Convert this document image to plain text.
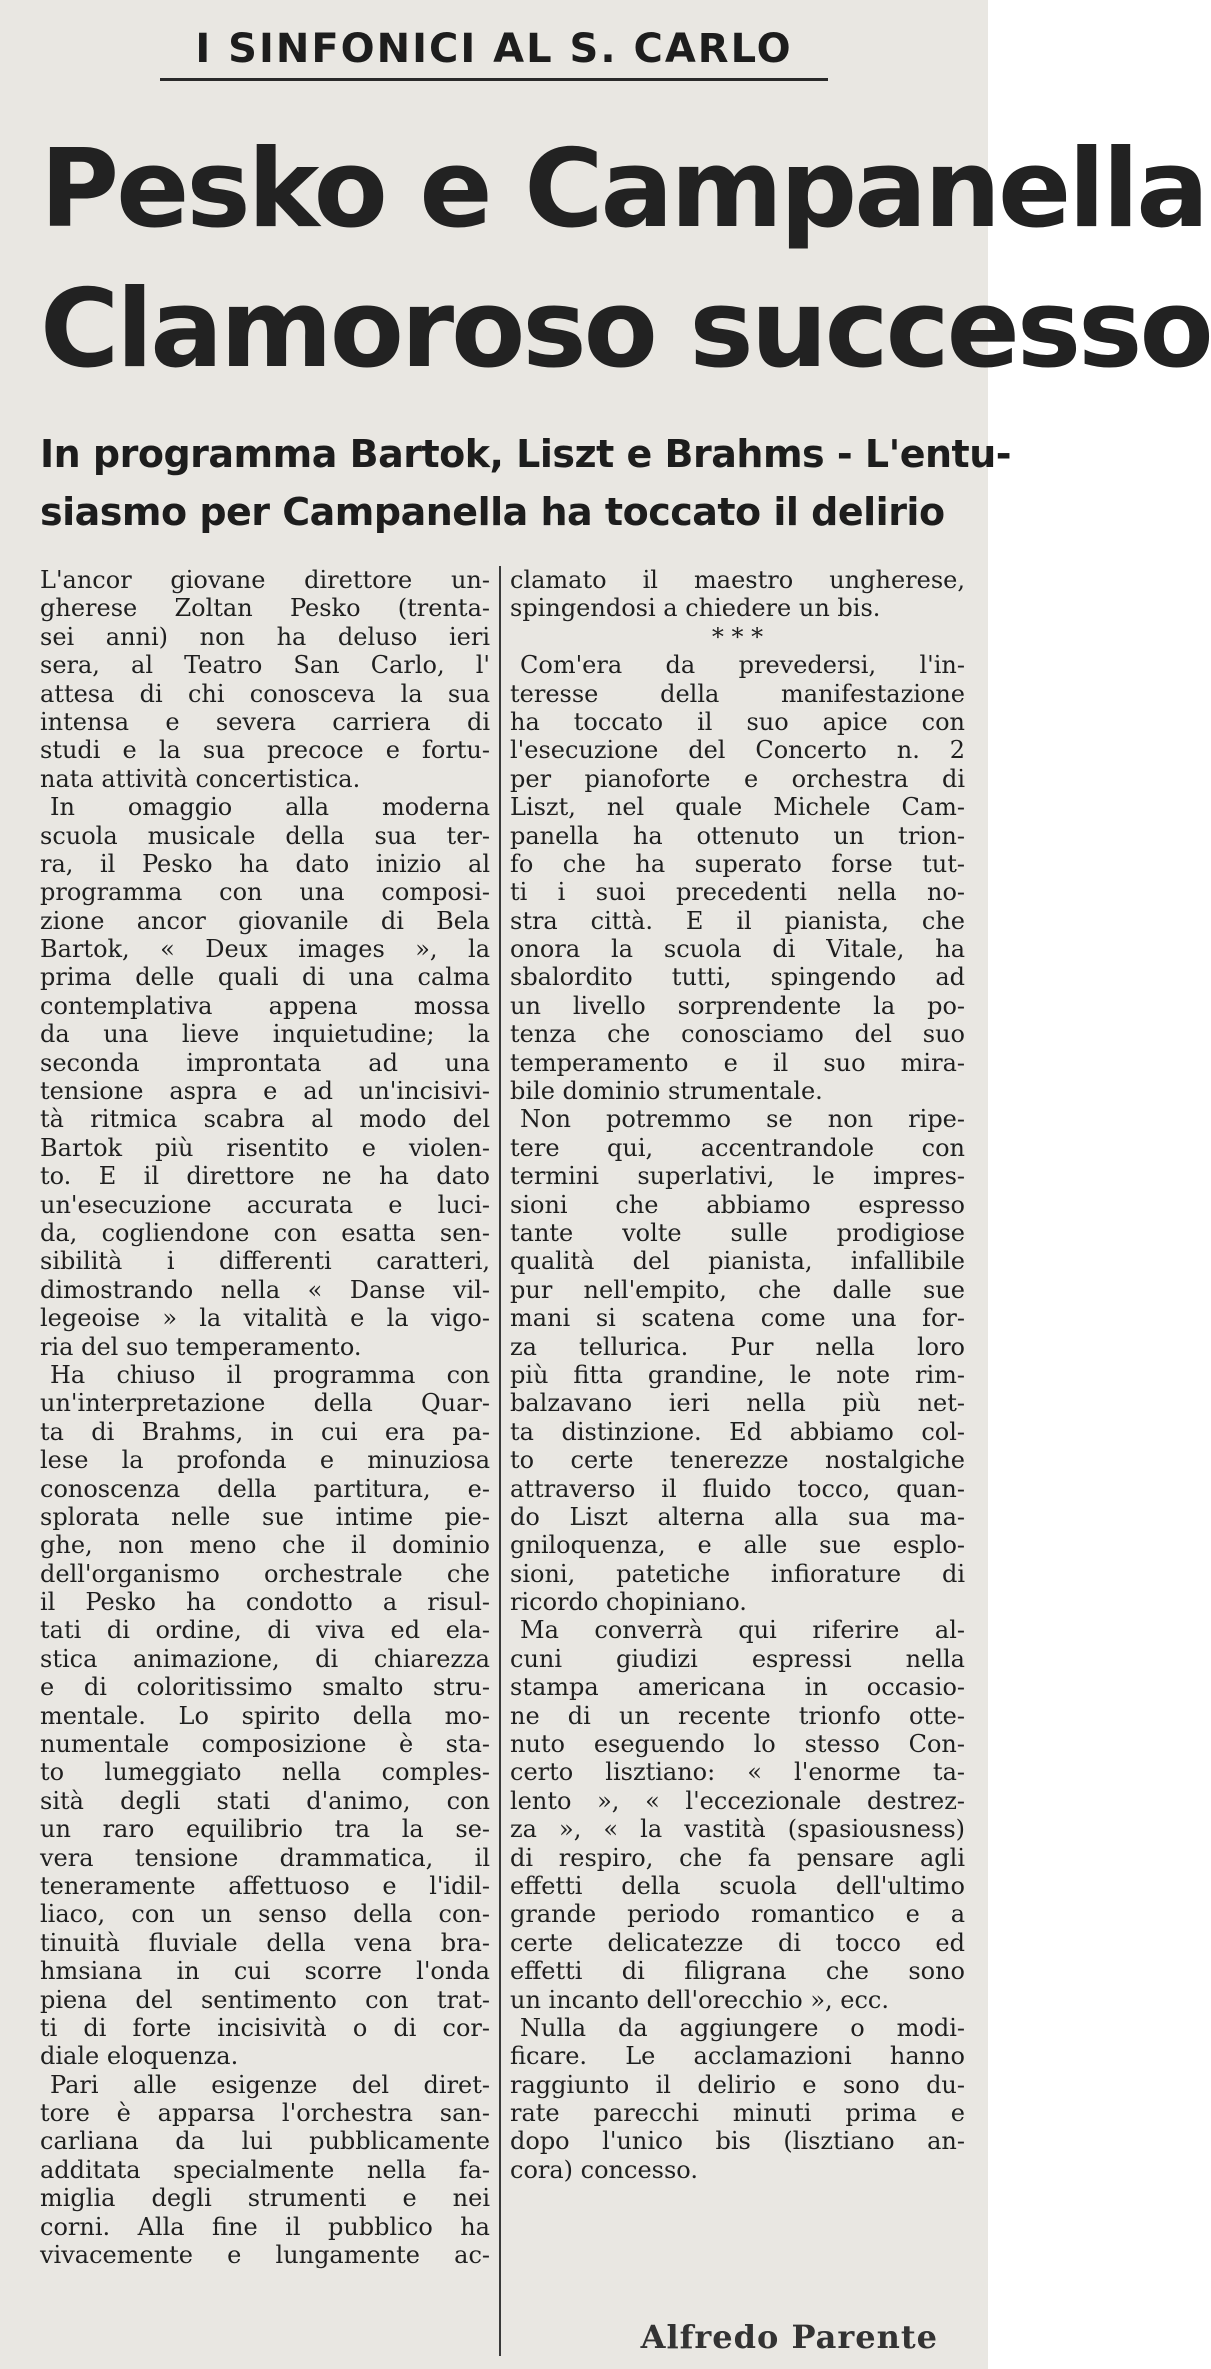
I SINFONICI AL S. CARLO
Pesko e Campanella
Clamoroso successo
In programma Bartok, Liszt e Brahms - L'entu-
siasmo per Campanella ha toccato il delirio
L'ancor giovane direttore un-
gherese Zoltan Pesko (trenta-
sei anni) non ha deluso ieri
sera, al Teatro San Carlo, l'
attesa di chi conosceva la sua
intensa e severa carriera di
studi e la sua precoce e fortu-
nata attività concertistica.
In omaggio alla moderna
scuola musicale della sua ter-
ra, il Pesko ha dato inizio al
programma con una composi-
zione ancor giovanile di Bela
Bartok, « Deux images », la
prima delle quali di una calma
contemplativa appena mossa
da una lieve inquietudine; la
seconda improntata ad una
tensione aspra e ad un'incisivi-
tà ritmica scabra al modo del
Bartok più risentito e violen-
to. E il direttore ne ha dato
un'esecuzione accurata e luci-
da, cogliendone con esatta sen-
sibilità i differenti caratteri,
dimostrando nella « Danse vil-
legeoise » la vitalità e la vigo-
ria del suo temperamento.
Ha chiuso il programma con
un'interpretazione della Quar-
ta di Brahms, in cui era pa-
lese la profonda e minuziosa
conoscenza della partitura, e-
splorata nelle sue intime pie-
ghe, non meno che il dominio
dell'organismo orchestrale che
il Pesko ha condotto a risul-
tati di ordine, di viva ed ela-
stica animazione, di chiarezza
e di coloritissimo smalto stru-
mentale. Lo spirito della mo-
numentale composizione è sta-
to lumeggiato nella comples-
sità degli stati d'animo, con
un raro equilibrio tra la se-
vera tensione drammatica, il
teneramente affettuoso e l'idil-
liaco, con un senso della con-
tinuità fluviale della vena bra-
hmsiana in cui scorre l'onda
piena del sentimento con trat-
ti di forte incisività o di cor-
diale eloquenza.
Pari alle esigenze del diret-
tore è apparsa l'orchestra san-
carliana da lui pubblicamente
additata specialmente nella fa-
miglia degli strumenti e nei
corni. Alla fine il pubblico ha
vivacemente e lungamente ac-
clamato il maestro ungherese,
spingendosi a chiedere un bis.
* * *
Com'era da prevedersi, l'in-
teresse della manifestazione
ha toccato il suo apice con
l'esecuzione del Concerto n. 2
per pianoforte e orchestra di
Liszt, nel quale Michele Cam-
panella ha ottenuto un trion-
fo che ha superato forse tut-
ti i suoi precedenti nella no-
stra città. E il pianista, che
onora la scuola di Vitale, ha
sbalordito tutti, spingendo ad
un livello sorprendente la po-
tenza che conosciamo del suo
temperamento e il suo mira-
bile dominio strumentale.
Non potremmo se non ripe-
tere qui, accentrandole con
termini superlativi, le impres-
sioni che abbiamo espresso
tante volte sulle prodigiose
qualità del pianista, infallibile
pur nell'empito, che dalle sue
mani si scatena come una for-
za tellurica. Pur nella loro
più fitta grandine, le note rim-
balzavano ieri nella più net-
ta distinzione. Ed abbiamo col-
to certe tenerezze nostalgiche
attraverso il fluido tocco, quan-
do Liszt alterna alla sua ma-
gniloquenza, e alle sue esplo-
sioni, patetiche infiorature di
ricordo chopiniano.
Ma converrà qui riferire al-
cuni giudizi espressi nella
stampa americana in occasio-
ne di un recente trionfo otte-
nuto eseguendo lo stesso Con-
certo lisztiano: « l'enorme ta-
lento », « l'eccezionale destrez-
za », « la vastità (spasiousness)
di respiro, che fa pensare agli
effetti della scuola dell'ultimo
grande periodo romantico e a
certe delicatezze di tocco ed
effetti di filigrana che sono
un incanto dell'orecchio », ecc.
Nulla da aggiungere o modi-
ficare. Le acclamazioni hanno
raggiunto il delirio e sono du-
rate parecchi minuti prima e
dopo l'unico bis (lisztiano an-
cora) concesso.
Alfredo Parente
